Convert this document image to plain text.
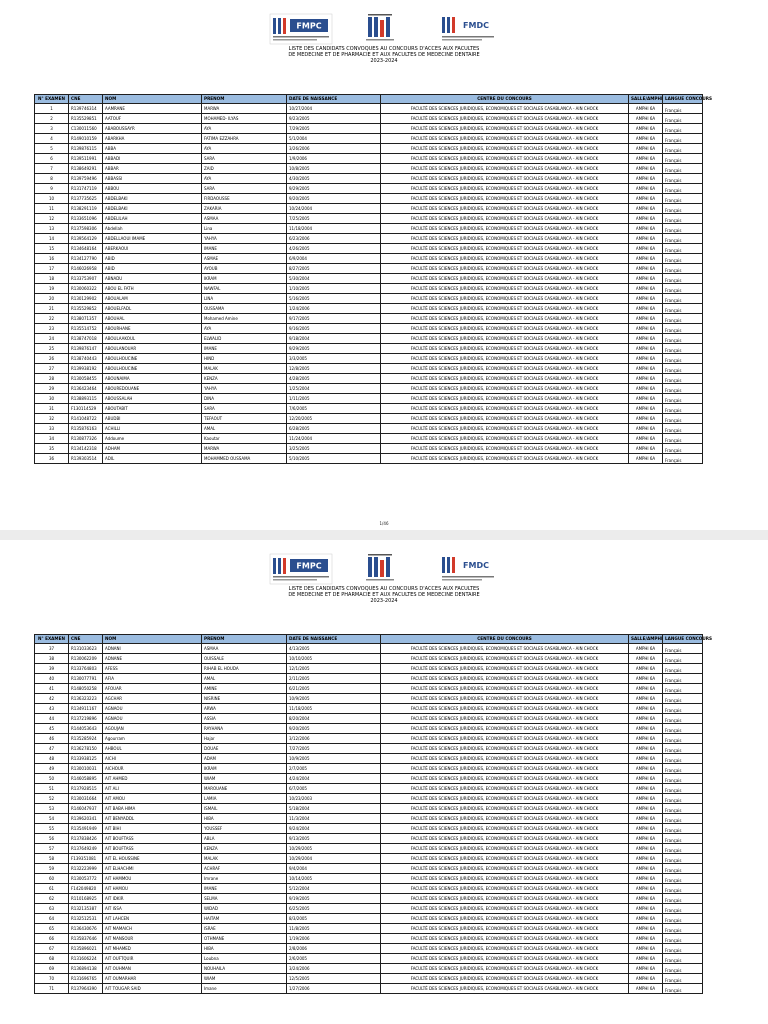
FMPC	FMDC
LISTE DES CANDIDATS CONVOQUES AU CONCOURS D'ACCES AUX FACULTES
DE MEDECINE ET DE PHARMACIE ET AUX FACULTES DE MEDECINE DENTAIRE
2023-2024
N° EXAMEN	CNE	NOM	PRENOM	DATE DE NAISSANCE	CENTRE DU CONCOURS	SALLE/AMPHI	LANGUE CONCOURS
1	R139746314	AAMRANE	MARWA	10/27/2004	FACULTÉ DES SCIENCES JURIDIQUES, ECONOMIQUES ET SOCIALES CASABLANCA - AIN CHOCK	AMPHI 6A	Français
2	R135529851	AATOUF	MOHAMED- ILYAS	9/23/2005	FACULTÉ DES SCIENCES JURIDIQUES, ECONOMIQUES ET SOCIALES CASABLANCA - AIN CHOCK	AMPHI 6A	Français
3	C130011560	ABABOUSSAYR	AYA	7/29/2005	FACULTÉ DES SCIENCES JURIDIQUES, ECONOMIQUES ET SOCIALES CASABLANCA - AIN CHOCK	AMPHI 6A	Français
4	R149010159	ABARKHA	FATIMA EZZAHRA	5/1/2004	FACULTÉ DES SCIENCES JURIDIQUES, ECONOMIQUES ET SOCIALES CASABLANCA - AIN CHOCK	AMPHI 6A	Français
5	R139876115	ABBA	AYA	3/26/2006	FACULTÉ DES SCIENCES JURIDIQUES, ECONOMIQUES ET SOCIALES CASABLANCA - AIN CHOCK	AMPHI 6A	Français
6	R139511991	ABBADI	SARA	1/9/2006	FACULTÉ DES SCIENCES JURIDIQUES, ECONOMIQUES ET SOCIALES CASABLANCA - AIN CHOCK	AMPHI 6A	Français
7	R138649291	ABBAR	ZAID	10/8/2005	FACULTÉ DES SCIENCES JURIDIQUES, ECONOMIQUES ET SOCIALES CASABLANCA - AIN CHOCK	AMPHI 6A	Français
8	R139759496	ABBASSI	AYA	4/30/2005	FACULTÉ DES SCIENCES JURIDIQUES, ECONOMIQUES ET SOCIALES CASABLANCA - AIN CHOCK	AMPHI 6A	Français
9	R131747119	ABBOU	SARA	9/29/2005	FACULTÉ DES SCIENCES JURIDIQUES, ECONOMIQUES ET SOCIALES CASABLANCA - AIN CHOCK	AMPHI 6A	Français
10	R137735625	ABDELBAKI	FIRDAOUSSE	9/20/2005	FACULTÉ DES SCIENCES JURIDIQUES, ECONOMIQUES ET SOCIALES CASABLANCA - AIN CHOCK	AMPHI 6A	Français
11	R138291119	ABDELBAKI	ZAKARIA	10/24/2004	FACULTÉ DES SCIENCES JURIDIQUES, ECONOMIQUES ET SOCIALES CASABLANCA - AIN CHOCK	AMPHI 6A	Français
12	R133651096	ABDELILAH	ASMAA	7/25/2005	FACULTÉ DES SCIENCES JURIDIQUES, ECONOMIQUES ET SOCIALES CASABLANCA - AIN CHOCK	AMPHI 6A	Français
13	R137598306	Abdellah	Lina	11/18/2004	FACULTÉ DES SCIENCES JURIDIQUES, ECONOMIQUES ET SOCIALES CASABLANCA - AIN CHOCK	AMPHI 6A	Français
14	R139564129	ABDELLAOUI IMAME	YAHYA	6/23/2006	FACULTÉ DES SCIENCES JURIDIQUES, ECONOMIQUES ET SOCIALES CASABLANCA - AIN CHOCK	AMPHI 6A	Français
15	R134648164	ABERKAOUI	IMANE	4/26/2005	FACULTÉ DES SCIENCES JURIDIQUES, ECONOMIQUES ET SOCIALES CASABLANCA - AIN CHOCK	AMPHI 6A	Français
16	R134127790	ABID	ASMAE	6/9/2004	FACULTÉ DES SCIENCES JURIDIQUES, ECONOMIQUES ET SOCIALES CASABLANCA - AIN CHOCK	AMPHI 6A	Français
17	R146026958	ABID	AYOUB	8/27/2005	FACULTÉ DES SCIENCES JURIDIQUES, ECONOMIQUES ET SOCIALES CASABLANCA - AIN CHOCK	AMPHI 6A	Français
18	R133753907	ABNADU	IKRAM	5/30/2004	FACULTÉ DES SCIENCES JURIDIQUES, ECONOMIQUES ET SOCIALES CASABLANCA - AIN CHOCK	AMPHI 6A	Français
19	R130060322	ABOU EL FATH	NAWFAL	1/10/2005	FACULTÉ DES SCIENCES JURIDIQUES, ECONOMIQUES ET SOCIALES CASABLANCA - AIN CHOCK	AMPHI 6A	Français
20	R130129902	ABOUALAM	LINA	5/16/2005	FACULTÉ DES SCIENCES JURIDIQUES, ECONOMIQUES ET SOCIALES CASABLANCA - AIN CHOCK	AMPHI 6A	Français
21	R135529852	ABOUELFADL	OUSSAMA	1/24/2006	FACULTÉ DES SCIENCES JURIDIQUES, ECONOMIQUES ET SOCIALES CASABLANCA - AIN CHOCK	AMPHI 6A	Français
22	R138071357	ABOUHAL	Mohamed Amine	9/17/2005	FACULTÉ DES SCIENCES JURIDIQUES, ECONOMIQUES ET SOCIALES CASABLANCA - AIN CHOCK	AMPHI 6A	Français
23	R135514752	ABOURHANE	AYA	9/16/2005	FACULTÉ DES SCIENCES JURIDIQUES, ECONOMIQUES ET SOCIALES CASABLANCA - AIN CHOCK	AMPHI 6A	Français
24	R138747018	ABOULAAKOUL	ELWALID	9/18/2004	FACULTÉ DES SCIENCES JURIDIQUES, ECONOMIQUES ET SOCIALES CASABLANCA - AIN CHOCK	AMPHI 6A	Français
25	R139876147	ABOULANOUAR	IMANE	9/29/2005	FACULTÉ DES SCIENCES JURIDIQUES, ECONOMIQUES ET SOCIALES CASABLANCA - AIN CHOCK	AMPHI 6A	Français
26	R138740443	ABOULHOUCINE	HIND	3/3/2005	FACULTÉ DES SCIENCES JURIDIQUES, ECONOMIQUES ET SOCIALES CASABLANCA - AIN CHOCK	AMPHI 6A	Français
27	R139938192	ABOULHOUCINE	MALAK	12/8/2005	FACULTÉ DES SCIENCES JURIDIQUES, ECONOMIQUES ET SOCIALES CASABLANCA - AIN CHOCK	AMPHI 6A	Français
28	R130058455	ABOUNAIMA	KENZA	4/28/2005	FACULTÉ DES SCIENCES JURIDIQUES, ECONOMIQUES ET SOCIALES CASABLANCA - AIN CHOCK	AMPHI 6A	Français
29	R136423464	ABOUREDOUANE	YAHYA	1/25/2004	FACULTÉ DES SCIENCES JURIDIQUES, ECONOMIQUES ET SOCIALES CASABLANCA - AIN CHOCK	AMPHI 6A	Français
30	R138893115	ABOUSSALAH	DINA	1/11/2005	FACULTÉ DES SCIENCES JURIDIQUES, ECONOMIQUES ET SOCIALES CASABLANCA - AIN CHOCK	AMPHI 6A	Français
31	F130114529	ABOUTABIT	SARA	7/6/2005	FACULTÉ DES SCIENCES JURIDIQUES, ECONOMIQUES ET SOCIALES CASABLANCA - AIN CHOCK	AMPHI 6A	Français
32	R141048722	ABUDBI	TEFAOUT	12/20/2005	FACULTÉ DES SCIENCES JURIDIQUES, ECONOMIQUES ET SOCIALES CASABLANCA - AIN CHOCK	AMPHI 6A	Français
33	R135876163	ACHILLI	AMAL	6/28/2005	FACULTÉ DES SCIENCES JURIDIQUES, ECONOMIQUES ET SOCIALES CASABLANCA - AIN CHOCK	AMPHI 6A	Français
34	R130877326	Addoume	Kaoutar	11/24/2004	FACULTÉ DES SCIENCES JURIDIQUES, ECONOMIQUES ET SOCIALES CASABLANCA - AIN CHOCK	AMPHI 6A	Français
35	R134142318	ADHAM	MARWA	3/25/2005	FACULTÉ DES SCIENCES JURIDIQUES, ECONOMIQUES ET SOCIALES CASABLANCA - AIN CHOCK	AMPHI 6A	Français
36	R139303514	ADIL	MOHAMMED OUSSAMA	5/10/2005	FACULTÉ DES SCIENCES JURIDIQUES, ECONOMIQUES ET SOCIALES CASABLANCA - AIN CHOCK	AMPHI 6A	Français
1/46
FMPC	FMDC
LISTE DES CANDIDATS CONVOQUES AU CONCOURS D'ACCES AUX FACULTES
DE MEDECINE ET DE PHARMACIE ET AUX FACULTES DE MEDECINE DENTAIRE
2023-2024
N° EXAMEN	CNE	NOM	PRENOM	DATE DE NAISSANCE	CENTRE DU CONCOURS	SALLE/AMPHI	LANGUE CONCOURS
37	R131033623	ADNANI	ASMAA	4/13/2005	FACULTÉ DES SCIENCES JURIDIQUES, ECONOMIQUES ET SOCIALES CASABLANCA - AIN CHOCK	AMPHI 6A	Français
38	R130062209	ADNANE	OUISSALE	10/10/2005	FACULTÉ DES SCIENCES JURIDIQUES, ECONOMIQUES ET SOCIALES CASABLANCA - AIN CHOCK	AMPHI 6A	Français
39	R133764803	AFESS	RIHAB EL HOUDA	12/1/2005	FACULTÉ DES SCIENCES JURIDIQUES, ECONOMIQUES ET SOCIALES CASABLANCA - AIN CHOCK	AMPHI 6A	Français
40	R130077791	AFIA	AMAL	2/11/2005	FACULTÉ DES SCIENCES JURIDIQUES, ECONOMIQUES ET SOCIALES CASABLANCA - AIN CHOCK	AMPHI 6A	Français
41	R148050258	AFOUAR	AMINE	6/21/2005	FACULTÉ DES SCIENCES JURIDIQUES, ECONOMIQUES ET SOCIALES CASABLANCA - AIN CHOCK	AMPHI 6A	Français
42	R136323223	AGCHAR	NISRINE	10/9/2005	FACULTÉ DES SCIENCES JURIDIQUES, ECONOMIQUES ET SOCIALES CASABLANCA - AIN CHOCK	AMPHI 6A	Français
43	R134911167	AGNAOU	ARWA	11/18/2005	FACULTÉ DES SCIENCES JURIDIQUES, ECONOMIQUES ET SOCIALES CASABLANCA - AIN CHOCK	AMPHI 6A	Français
44	R137219896	AGNAOU	ASSIA	8/20/2004	FACULTÉ DES SCIENCES JURIDIQUES, ECONOMIQUES ET SOCIALES CASABLANCA - AIN CHOCK	AMPHI 6A	Français
45	R144053643	AGOUJAN	RAYHANA	9/20/2005	FACULTÉ DES SCIENCES JURIDIQUES, ECONOMIQUES ET SOCIALES CASABLANCA - AIN CHOCK	AMPHI 6A	Français
46	R135285924	Agourram	Hajar	3/12/2006	FACULTÉ DES SCIENCES JURIDIQUES, ECONOMIQUES ET SOCIALES CASABLANCA - AIN CHOCK	AMPHI 6A	Français
47	R136278150	AHBOUL	DOUAE	7/27/2005	FACULTÉ DES SCIENCES JURIDIQUES, ECONOMIQUES ET SOCIALES CASABLANCA - AIN CHOCK	AMPHI 6A	Français
48	R133938125	AICHI	ADAM	10/9/2005	FACULTÉ DES SCIENCES JURIDIQUES, ECONOMIQUES ET SOCIALES CASABLANCA - AIN CHOCK	AMPHI 6A	Français
49	R130010031	AICHOUR	IKRAM	2/7/2005	FACULTÉ DES SCIENCES JURIDIQUES, ECONOMIQUES ET SOCIALES CASABLANCA - AIN CHOCK	AMPHI 6A	Français
50	R146058895	AIT AHMED	WIAM	4/24/2004	FACULTÉ DES SCIENCES JURIDIQUES, ECONOMIQUES ET SOCIALES CASABLANCA - AIN CHOCK	AMPHI 6A	Français
51	R137928515	AIT ALI	MAROUANE	6/7/2005	FACULTÉ DES SCIENCES JURIDIQUES, ECONOMIQUES ET SOCIALES CASABLANCA - AIN CHOCK	AMPHI 6A	Français
52	R130031664	AIT AMOU	LAMIA	10/23/2003	FACULTÉ DES SCIENCES JURIDIQUES, ECONOMIQUES ET SOCIALES CASABLANCA - AIN CHOCK	AMPHI 6A	Français
53	R146047937	AIT BABA HIMA	ISMAIL	5/18/2004	FACULTÉ DES SCIENCES JURIDIQUES, ECONOMIQUES ET SOCIALES CASABLANCA - AIN CHOCK	AMPHI 6A	Français
54	R139620341	AIT BENYADDL	HIBA	11/3/2004	FACULTÉ DES SCIENCES JURIDIQUES, ECONOMIQUES ET SOCIALES CASABLANCA - AIN CHOCK	AMPHI 6A	Français
55	R135491949	AIT BIHI	YOUSSEF	9/24/2004	FACULTÉ DES SCIENCES JURIDIQUES, ECONOMIQUES ET SOCIALES CASABLANCA - AIN CHOCK	AMPHI 6A	Français
56	R137838426	AIT BOUFTASS	ABLA	9/13/2005	FACULTÉ DES SCIENCES JURIDIQUES, ECONOMIQUES ET SOCIALES CASABLANCA - AIN CHOCK	AMPHI 6A	Français
57	R137649249	AIT BOUFTASS	KENZA	10/29/2005	FACULTÉ DES SCIENCES JURIDIQUES, ECONOMIQUES ET SOCIALES CASABLANCA - AIN CHOCK	AMPHI 6A	Français
58	F139351081	AIT EL HOUSSINE	MALAK	10/29/2004	FACULTÉ DES SCIENCES JURIDIQUES, ECONOMIQUES ET SOCIALES CASABLANCA - AIN CHOCK	AMPHI 6A	Français
59	R132223999	AIT ELHACHMI	ACHRAF	9/4/2004	FACULTÉ DES SCIENCES JURIDIQUES, ECONOMIQUES ET SOCIALES CASABLANCA - AIN CHOCK	AMPHI 6A	Français
60	R130053772	AIT HAMMOU	Imrane	10/14/2005	FACULTÉ DES SCIENCES JURIDIQUES, ECONOMIQUES ET SOCIALES CASABLANCA - AIN CHOCK	AMPHI 6A	Français
61	F142049820	AIT HAMOU	IMANE	5/12/2004	FACULTÉ DES SCIENCES JURIDIQUES, ECONOMIQUES ET SOCIALES CASABLANCA - AIN CHOCK	AMPHI 6A	Français
62	R110168925	AIT IDKIR	SELMA	9/19/2005	FACULTÉ DES SCIENCES JURIDIQUES, ECONOMIQUES ET SOCIALES CASABLANCA - AIN CHOCK	AMPHI 6A	Français
63	R132135387	AIT ISSA	WIDAD	6/25/2005	FACULTÉ DES SCIENCES JURIDIQUES, ECONOMIQUES ET SOCIALES CASABLANCA - AIN CHOCK	AMPHI 6A	Français
64	R132512531	AIT LAHCEN	HAITAM	8/3/2005	FACULTÉ DES SCIENCES JURIDIQUES, ECONOMIQUES ET SOCIALES CASABLANCA - AIN CHOCK	AMPHI 6A	Français
65	R136430676	AIT MAMAICH	ISRAE	11/8/2005	FACULTÉ DES SCIENCES JURIDIQUES, ECONOMIQUES ET SOCIALES CASABLANCA - AIN CHOCK	AMPHI 6A	Français
66	R135837646	AIT MANSOUR	OTHMANE	1/19/2006	FACULTÉ DES SCIENCES JURIDIQUES, ECONOMIQUES ET SOCIALES CASABLANCA - AIN CHOCK	AMPHI 6A	Français
67	R135896021	AIT MHAMED	HIBA	2/8/2006	FACULTÉ DES SCIENCES JURIDIQUES, ECONOMIQUES ET SOCIALES CASABLANCA - AIN CHOCK	AMPHI 6A	Français
68	R131606224	AIT OUFTQUIR	Loubna	2/6/2005	FACULTÉ DES SCIENCES JURIDIQUES, ECONOMIQUES ET SOCIALES CASABLANCA - AIN CHOCK	AMPHI 6A	Français
69	R136894138	AIT OUHMAN	NOUHAILA	3/24/2006	FACULTÉ DES SCIENCES JURIDIQUES, ECONOMIQUES ET SOCIALES CASABLANCA - AIN CHOCK	AMPHI 6A	Français
70	R131696765	AIT OUMARHAR	WIAM	12/5/2005	FACULTÉ DES SCIENCES JURIDIQUES, ECONOMIQUES ET SOCIALES CASABLANCA - AIN CHOCK	AMPHI 6A	Français
71	R137964390	AIT TOUGAR SAID	Imane	1/27/2006	FACULTÉ DES SCIENCES JURIDIQUES, ECONOMIQUES ET SOCIALES CASABLANCA - AIN CHOCK	AMPHI 6A	Français
